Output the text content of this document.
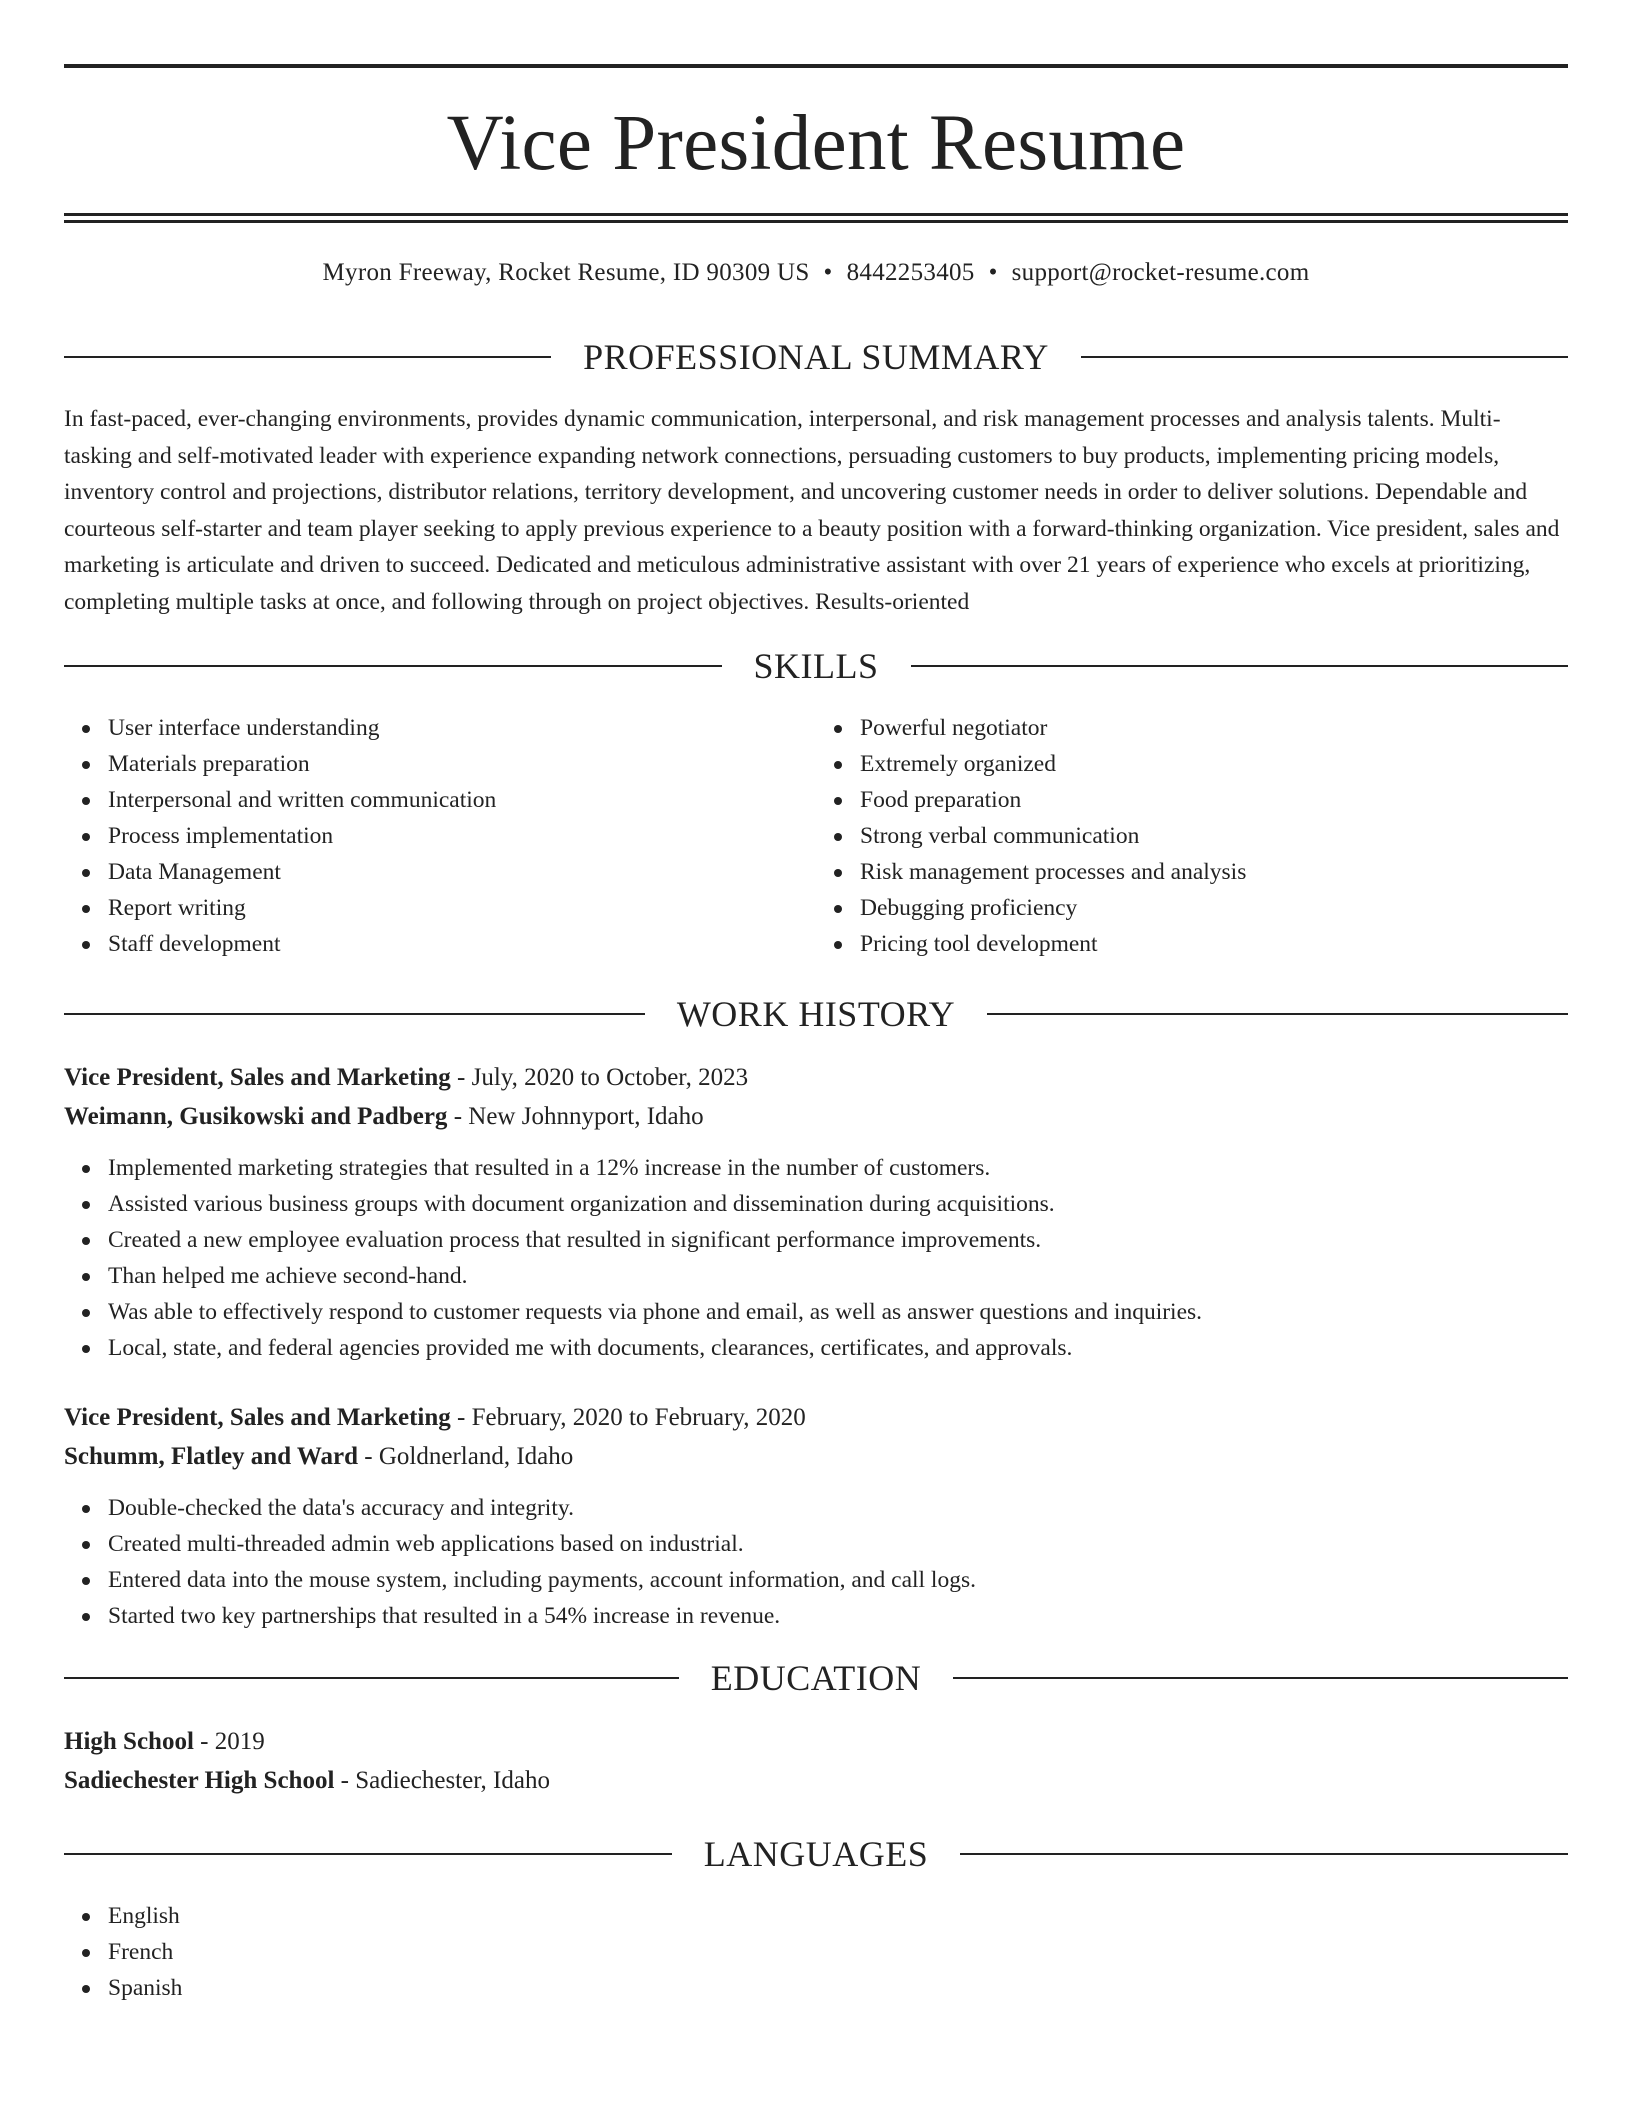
Vice President Resume
Myron Freeway, Rocket Resume, ID 90309 US • 8442253405 • support@rocket-resume.com
PROFESSIONAL SUMMARY

In fast-paced, ever-changing environments, provides dynamic communication, interpersonal, and risk management processes and analysis talents. Multi-tasking and self-motivated leader with experience expanding network connections, persuading customers to buy products, implementing pricing models, inventory control and projections, distributor relations, territory development, and uncovering customer needs in order to deliver solutions. Dependable and courteous self-starter and team player seeking to apply previous experience to a beauty position with a forward-thinking organization. Vice president, sales and marketing is articulate and driven to succeed. Dedicated and meticulous administrative assistant with over 21 years of experience who excels at prioritizing, completing multiple tasks at once, and following through on project objectives. Results-oriented

SKILLS
User interface understanding
Materials preparation
Interpersonal and written communication
Process implementation
Data Management
Report writing
Staff development
Powerful negotiator
Extremely organized
Food preparation
Strong verbal communication
Risk management processes and analysis
Debugging proficiency
Pricing tool development
WORK HISTORY

Vice President, Sales and Marketing - July, 2020 to October, 2023

Weimann, Gusikowski and Padberg - New Johnnyport, Idaho

Implemented marketing strategies that resulted in a 12% increase in the number of customers.
Assisted various business groups with document organization and dissemination during acquisitions.
Created a new employee evaluation process that resulted in significant performance improvements.
Than helped me achieve second-hand.
Was able to effectively respond to customer requests via phone and email, as well as answer questions and inquiries.
Local, state, and federal agencies provided me with documents, clearances, certificates, and approvals.

Vice President, Sales and Marketing - February, 2020 to February, 2020

Schumm, Flatley and Ward - Goldnerland, Idaho

Double-checked the data's accuracy and integrity.
Created multi-threaded admin web applications based on industrial.
Entered data into the mouse system, including payments, account information, and call logs.
Started two key partnerships that resulted in a 54% increase in revenue.
EDUCATION

High School - 2019

Sadiechester High School - Sadiechester, Idaho

LANGUAGES
English
French
Spanish
